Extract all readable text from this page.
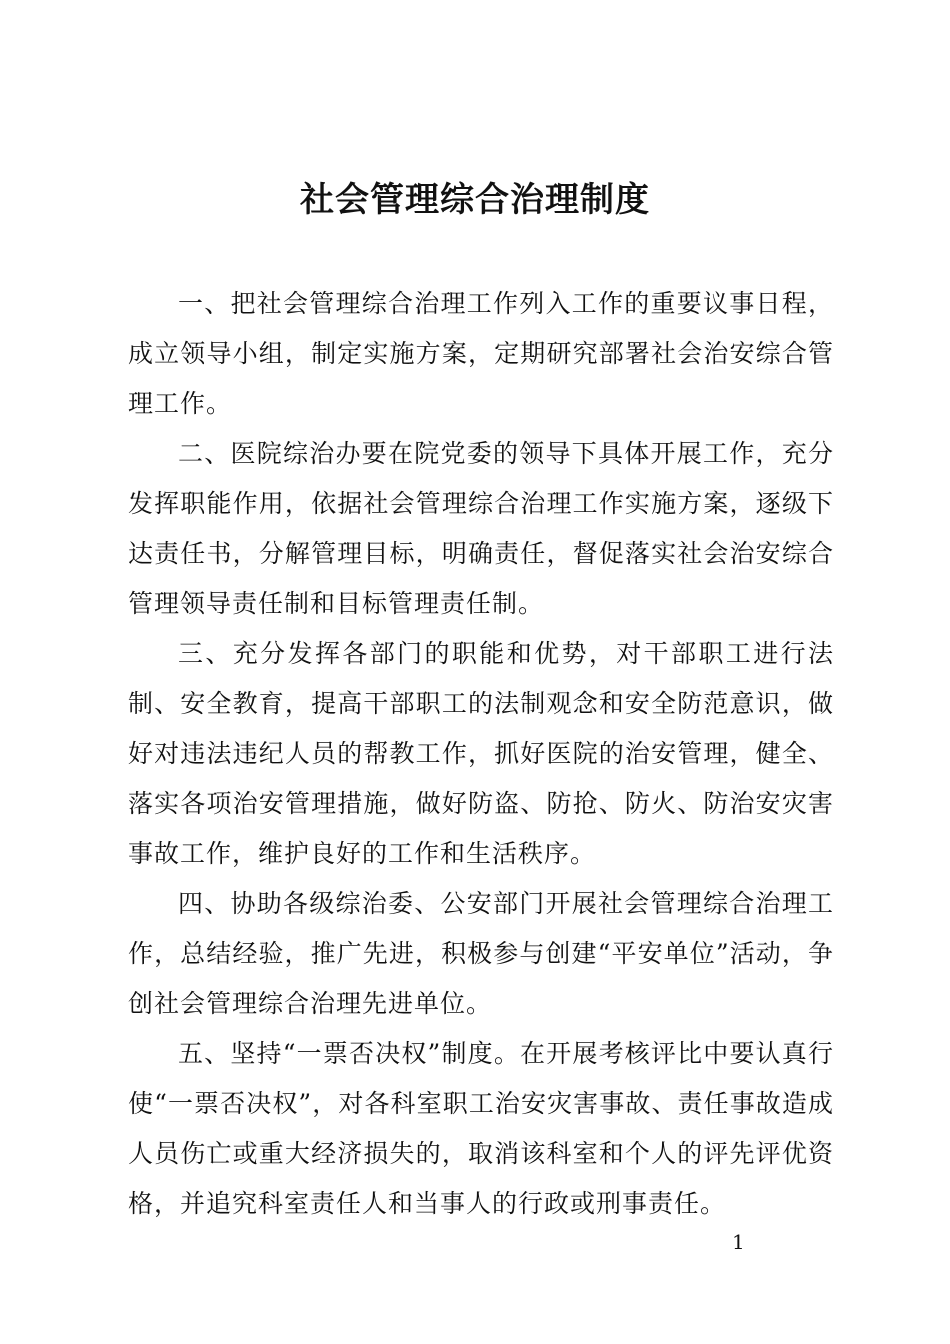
社会管理综合治理制度

一、把社会管理综合治理工作列入工作的重要议事日程，成立领导小组，制定实施方案，定期研究部署社会治安综合管理工作。

二、医院综治办要在院党委的领导下具体开展工作，充分发挥职能作用，依据社会管理综合治理工作实施方案，逐级下达责任书，分解管理目标，明确责任，督促落实社会治安综合管理领导责任制和目标管理责任制。

三、充分发挥各部门的职能和优势，对干部职工进行法制、安全教育，提高干部职工的法制观念和安全防范意识，做好对违法违纪人员的帮教工作，抓好医院的治安管理，健全、落实各项治安管理措施，做好防盗、防抢、防火、防治安灾害事故工作，维护良好的工作和生活秩序。

四、协助各级综治委、公安部门开展社会管理综合治理工作，总结经验，推广先进，积极参与创建“平安单位”活动，争创社会管理综合治理先进单位。

五、坚持“一票否决权”制度。在开展考核评比中要认真行使“一票否决权”，对各科室职工治安灾害事故、责任事故造成人员伤亡或重大经济损失的，取消该科室和个人的评先评优资格，并追究科室责任人和当事人的行政或刑事责任。

1
